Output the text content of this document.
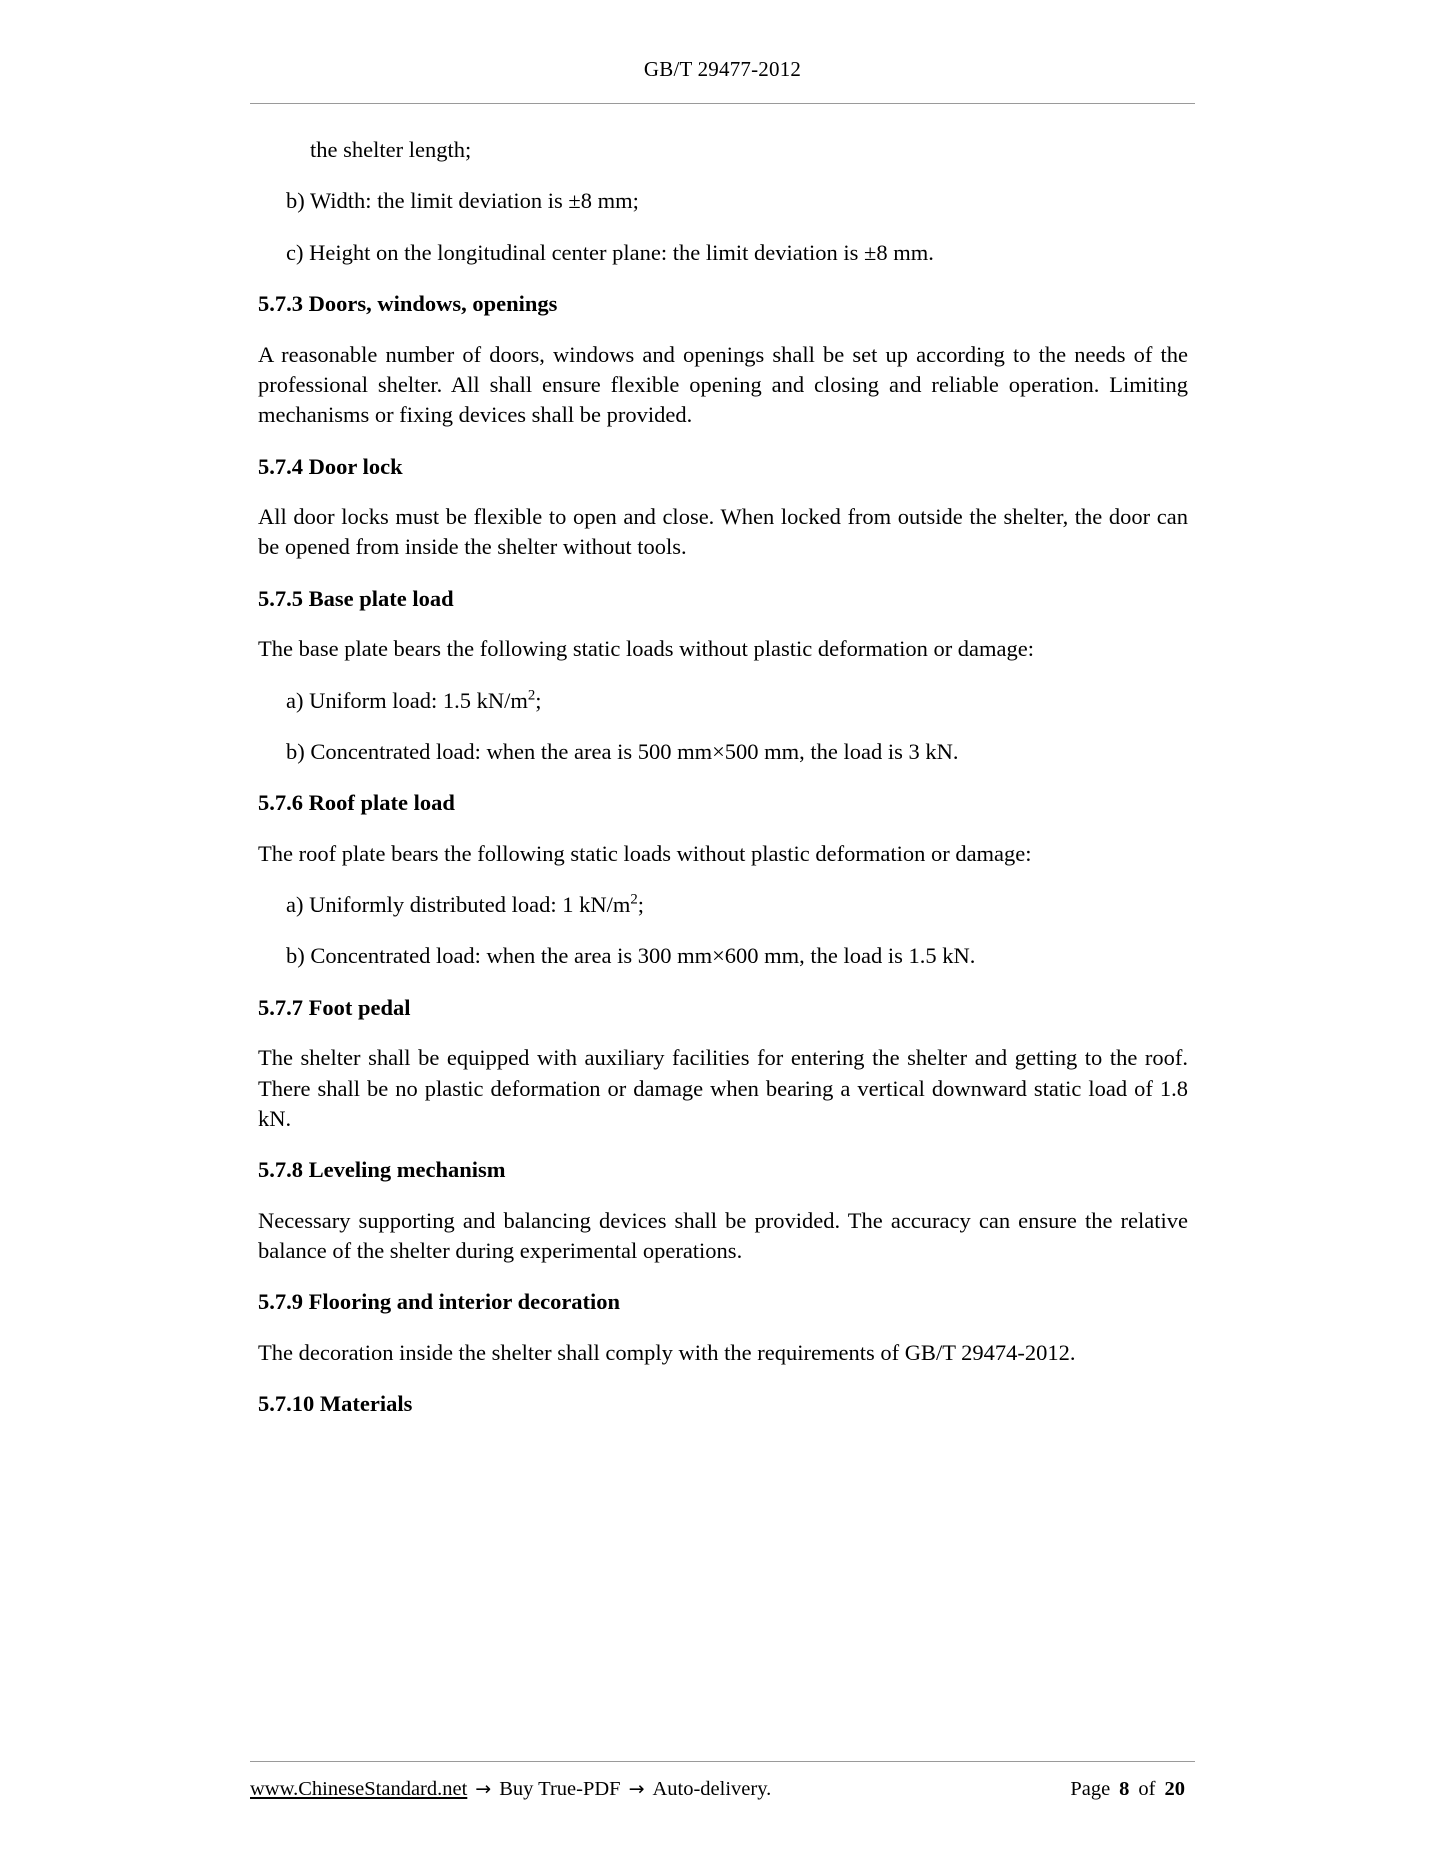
GB/T 29477-2012

the shelter length;

b) Width: the limit deviation is ±8 mm;

c) Height on the longitudinal center plane: the limit deviation is ±8 mm.

5.7.3 Doors, windows, openings

A reasonable number of doors, windows and openings shall be set up according to the needs of the professional shelter. All shall ensure flexible opening and closing and reliable operation. Limiting mechanisms or fixing devices shall be provided.

5.7.4 Door lock

All door locks must be flexible to open and close. When locked from outside the shelter, the door can be opened from inside the shelter without tools.

5.7.5 Base plate load

The base plate bears the following static loads without plastic deformation or damage:

a) Uniform load: 1.5 $kN/m^2$;

b) Concentrated load: when the area is 500 mm×500 mm, the load is 3 kN.

5.7.6 Roof plate load

The roof plate bears the following static loads without plastic deformation or damage:

a) Uniformly distributed load: 1 $kN/m^2$;

b) Concentrated load: when the area is 300 mm×600 mm, the load is 1.5 kN.

5.7.7 Foot pedal

The shelter shall be equipped with auxiliary facilities for entering the shelter and getting to the roof. There shall be no plastic deformation or damage when bearing a vertical downward static load of 1.8 kN.

5.7.8 Leveling mechanism

Necessary supporting and balancing devices shall be provided. The accuracy can ensure the relative balance of the shelter during experimental operations.

5.7.9 Flooring and interior decoration

The decoration inside the shelter shall comply with the requirements of GB/T 29474-2012.

5.7.10 Materials

www.ChineseStandard.net → Buy True-PDF → Auto-delivery.	Page 8 of 20
